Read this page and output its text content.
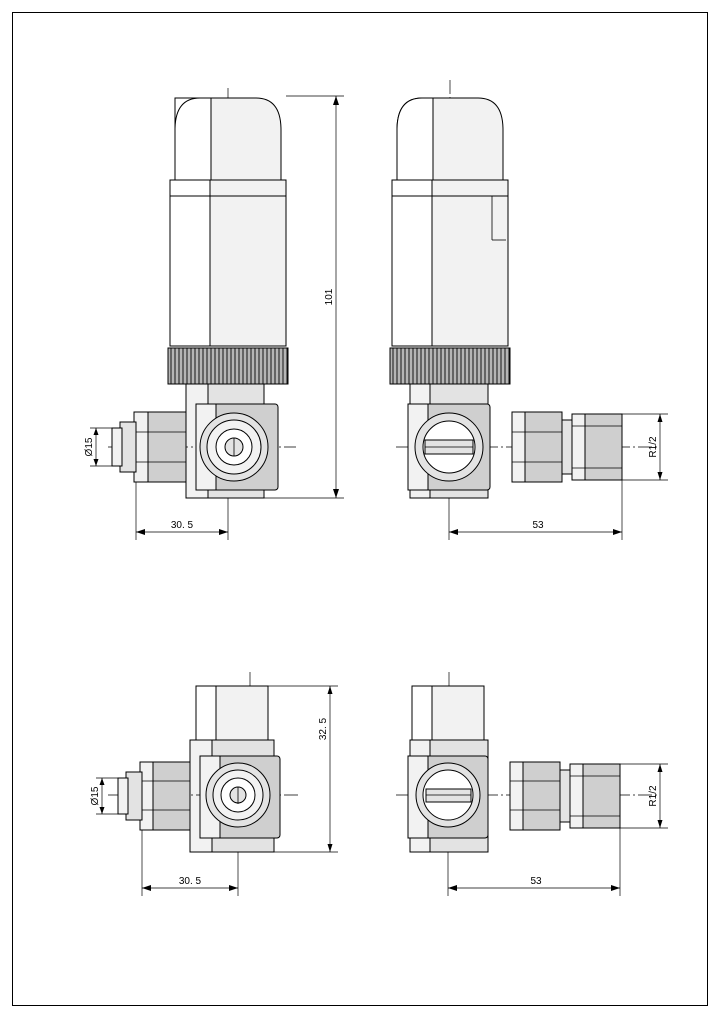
101
Ø15
30. 5
R1/2
53
32. 5
Ø15
30. 5
R1/2
53
